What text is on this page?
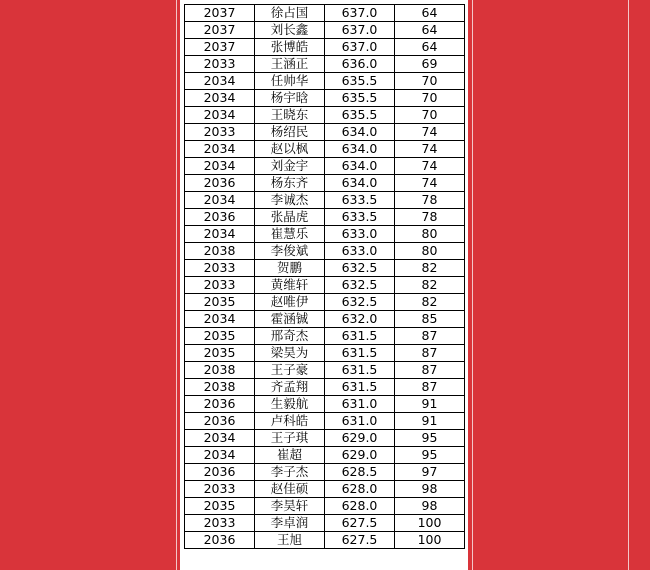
2037	徐占国	637.0	64
2037	刘长鑫	637.0	64
2037	张博皓	637.0	64
2033	王涵正	636.0	69
2034	任帅华	635.5	70
2034	杨宇晗	635.5	70
2034	王晓东	635.5	70
2033	杨绍民	634.0	74
2034	赵以枫	634.0	74
2034	刘金宇	634.0	74
2036	杨东齐	634.0	74
2034	李诚杰	633.5	78
2036	张晶虎	633.5	78
2034	崔慧乐	633.0	80
2038	李俊斌	633.0	80
2033	贺鹏	632.5	82
2033	黄维轩	632.5	82
2035	赵唯伊	632.5	82
2034	霍涵铖	632.0	85
2035	邢奇杰	631.5	87
2035	梁昊为	631.5	87
2038	王子豪	631.5	87
2038	齐孟翔	631.5	87
2036	生毅航	631.0	91
2036	卢科皓	631.0	91
2034	王子琪	629.0	95
2034	崔超	629.0	95
2036	李子杰	628.5	97
2033	赵佳硕	628.0	98
2035	李昊轩	628.0	98
2033	李卓润	627.5	100
2036	王旭	627.5	100
